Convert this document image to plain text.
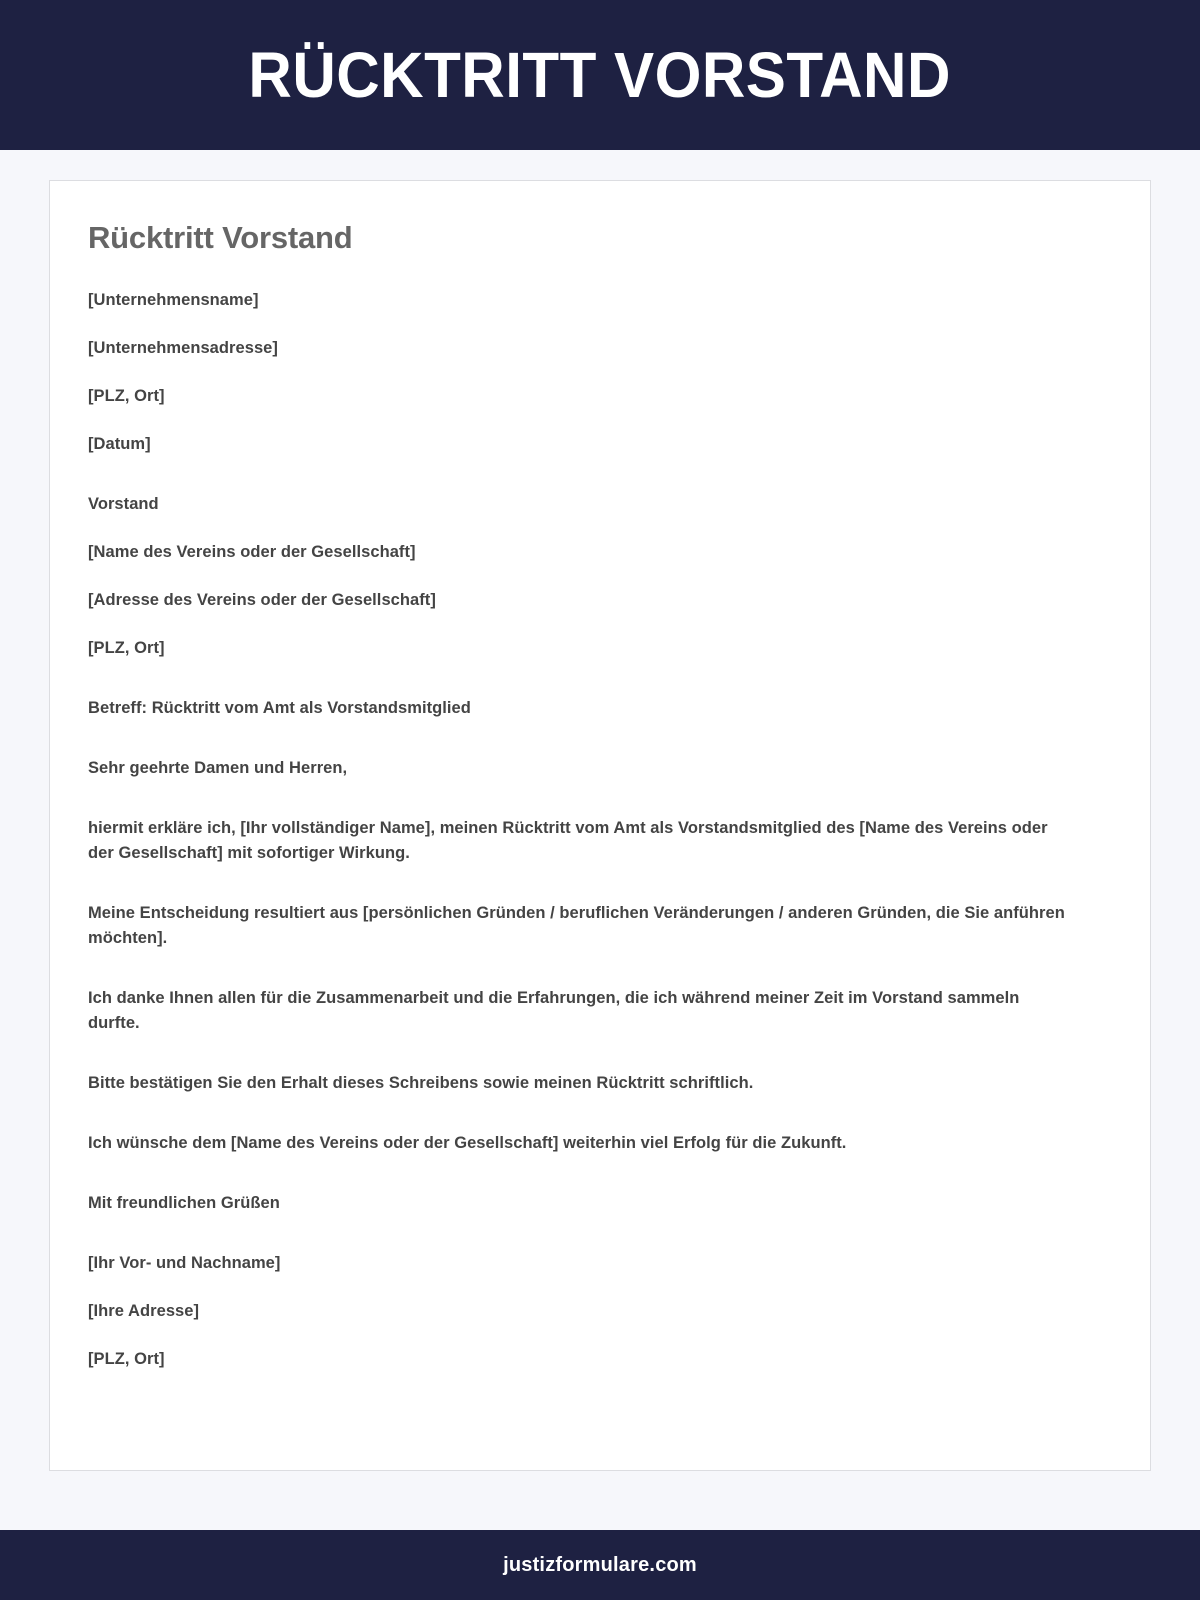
RÜCKTRITT VORSTAND
Rücktritt Vorstand

[Unternehmensname]

[Unternehmensadresse]

[PLZ, Ort]

[Datum]

Vorstand

[Name des Vereins oder der Gesellschaft]

[Adresse des Vereins oder der Gesellschaft]

[PLZ, Ort]

Betreff: Rücktritt vom Amt als Vorstandsmitglied

Sehr geehrte Damen und Herren,

hiermit erkläre ich, [Ihr vollständiger Name], meinen Rücktritt vom Amt als Vorstandsmitglied des [Name des Vereins oder der Gesellschaft] mit sofortiger Wirkung.

Meine Entscheidung resultiert aus [persönlichen Gründen / beruflichen Veränderungen / anderen Gründen, die Sie anführen möchten].

Ich danke Ihnen allen für die Zusammenarbeit und die Erfahrungen, die ich während meiner Zeit im Vorstand sammeln durfte.

Bitte bestätigen Sie den Erhalt dieses Schreibens sowie meinen Rücktritt schriftlich.

Ich wünsche dem [Name des Vereins oder der Gesellschaft] weiterhin viel Erfolg für die Zukunft.

Mit freundlichen Grüßen

[Ihr Vor- und Nachname]

[Ihre Adresse]

[PLZ, Ort]

justizformulare.com
